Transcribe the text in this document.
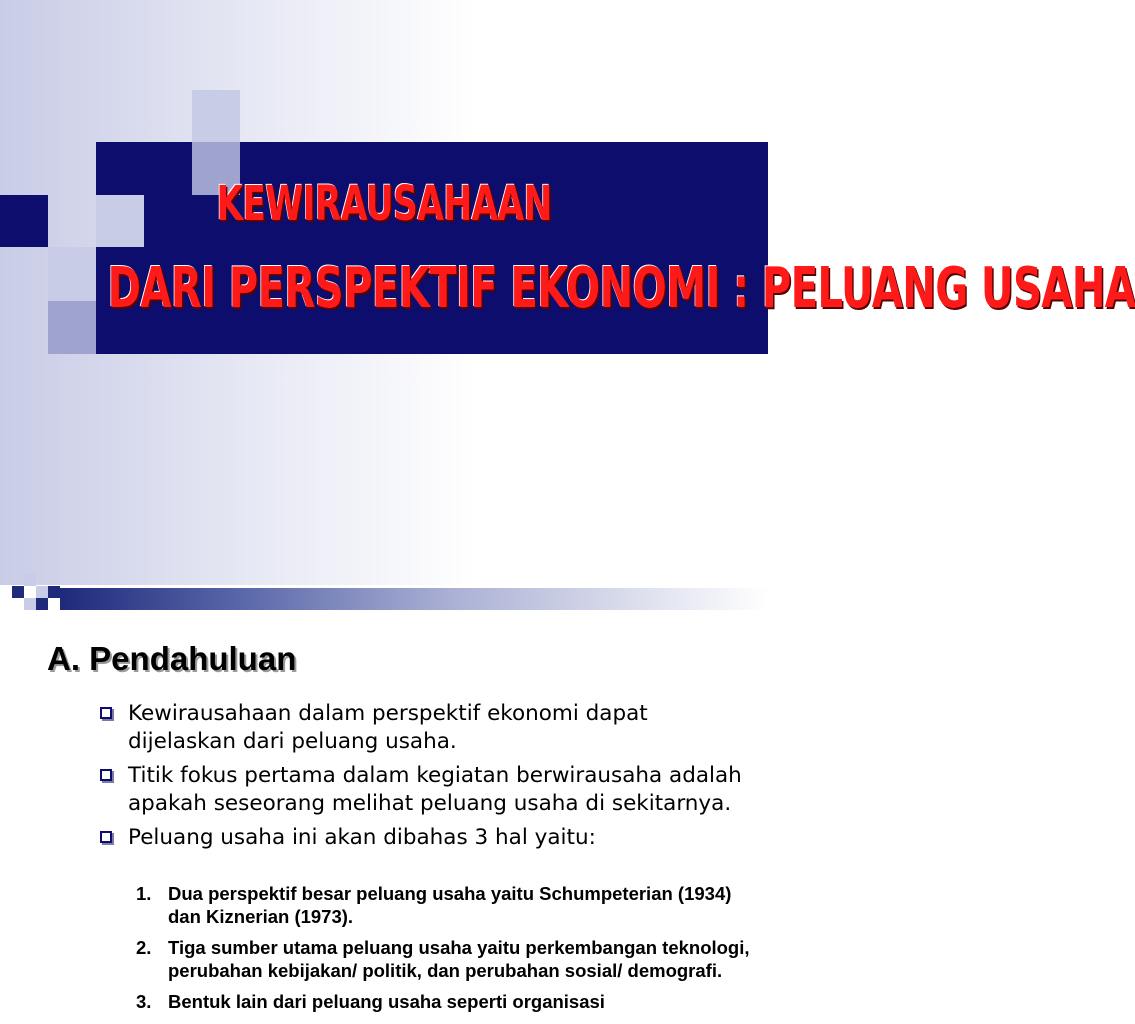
KEWIRAUSAHAAN
DARI PERSPEKTIF EKONOMI : PELUANG USAHA
A. Pendahuluan
Kewirausahaan dalam perspektif ekonomi dapat dijelaskan dari peluang usaha.
Titik fokus pertama dalam kegiatan berwirausaha adalah apakah seseorang melihat peluang usaha di sekitarnya.
Peluang usaha ini akan dibahas 3 hal yaitu:
1. Dua perspektif besar peluang usaha yaitu Schumpeterian (1934) dan Kiznerian (1973).
2. Tiga sumber utama peluang usaha yaitu perkembangan teknologi, perubahan kebijakan/ politik, dan perubahan sosial/ demografi.
3. Bentuk lain dari peluang usaha seperti organisasi
